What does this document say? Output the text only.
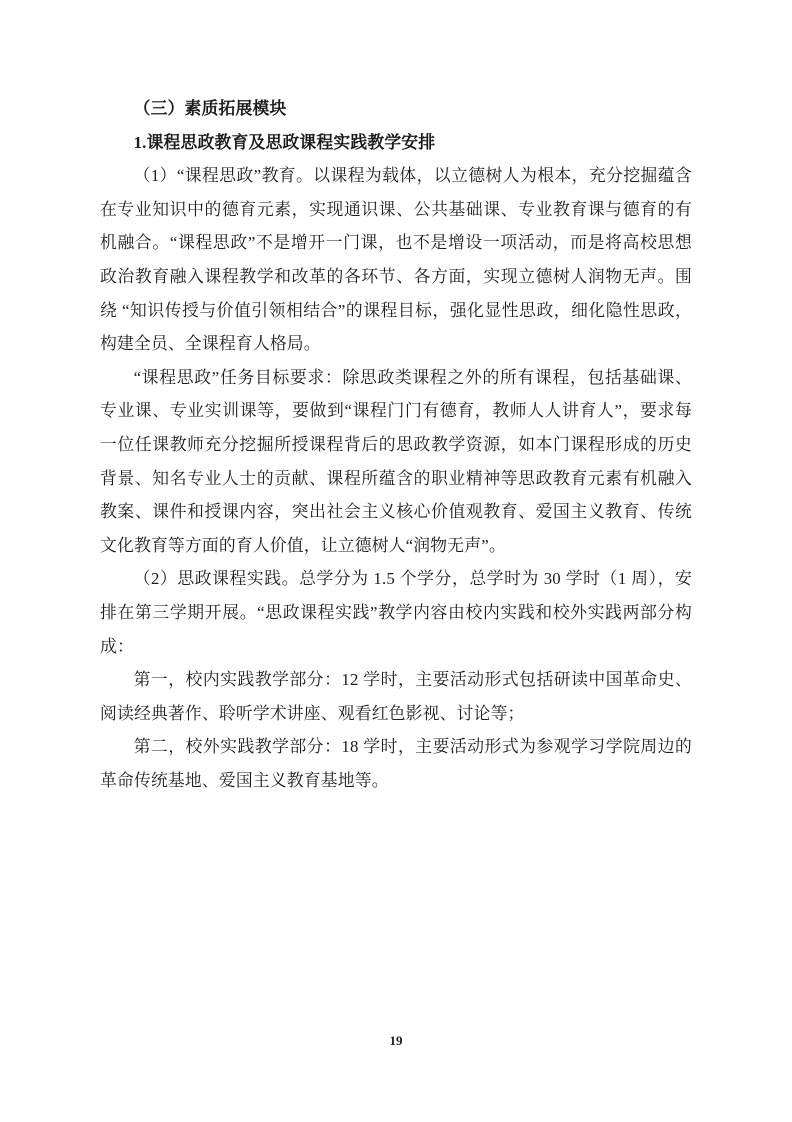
（三）素质拓展模块

1.课程思政教育及思政课程实践教学安排

（1）“课程思政”教育。以课程为载体，以立德树人为根本，充分挖掘蕴含在专业知识中的德育元素，实现通识课、公共基础课、专业教育课与德育的有机融合。“课程思政”不是增开一门课，也不是增设一项活动，而是将高校思想政治教育融入课程教学和改革的各环节、各方面，实现立德树人润物无声。围绕 “知识传授与价值引领相结合”的课程目标，强化显性思政，细化隐性思政，构建全员、全课程育人格局。

“课程思政”任务目标要求：除思政类课程之外的所有课程，包括基础课、专业课、专业实训课等，要做到“课程门门有德育，教师人人讲育人”，要求每一位任课教师充分挖掘所授课程背后的思政教学资源，如本门课程形成的历史背景、知名专业人士的贡献、课程所蕴含的职业精神等思政教育元素有机融入教案、课件和授课内容，突出社会主义核心价值观教育、爱国主义教育、传统文化教育等方面的育人价值，让立德树人“润物无声”。

（2）思政课程实践。总学分为 1.5 个学分，总学时为 30 学时（1 周），安排在第三学期开展。“思政课程实践”教学内容由校内实践和校外实践两部分构成：

第一，校内实践教学部分：12 学时，主要活动形式包括研读中国革命史、阅读经典著作、聆听学术讲座、观看红色影视、讨论等；

第二，校外实践教学部分：18 学时，主要活动形式为参观学习学院周边的革命传统基地、爱国主义教育基地等。

19
